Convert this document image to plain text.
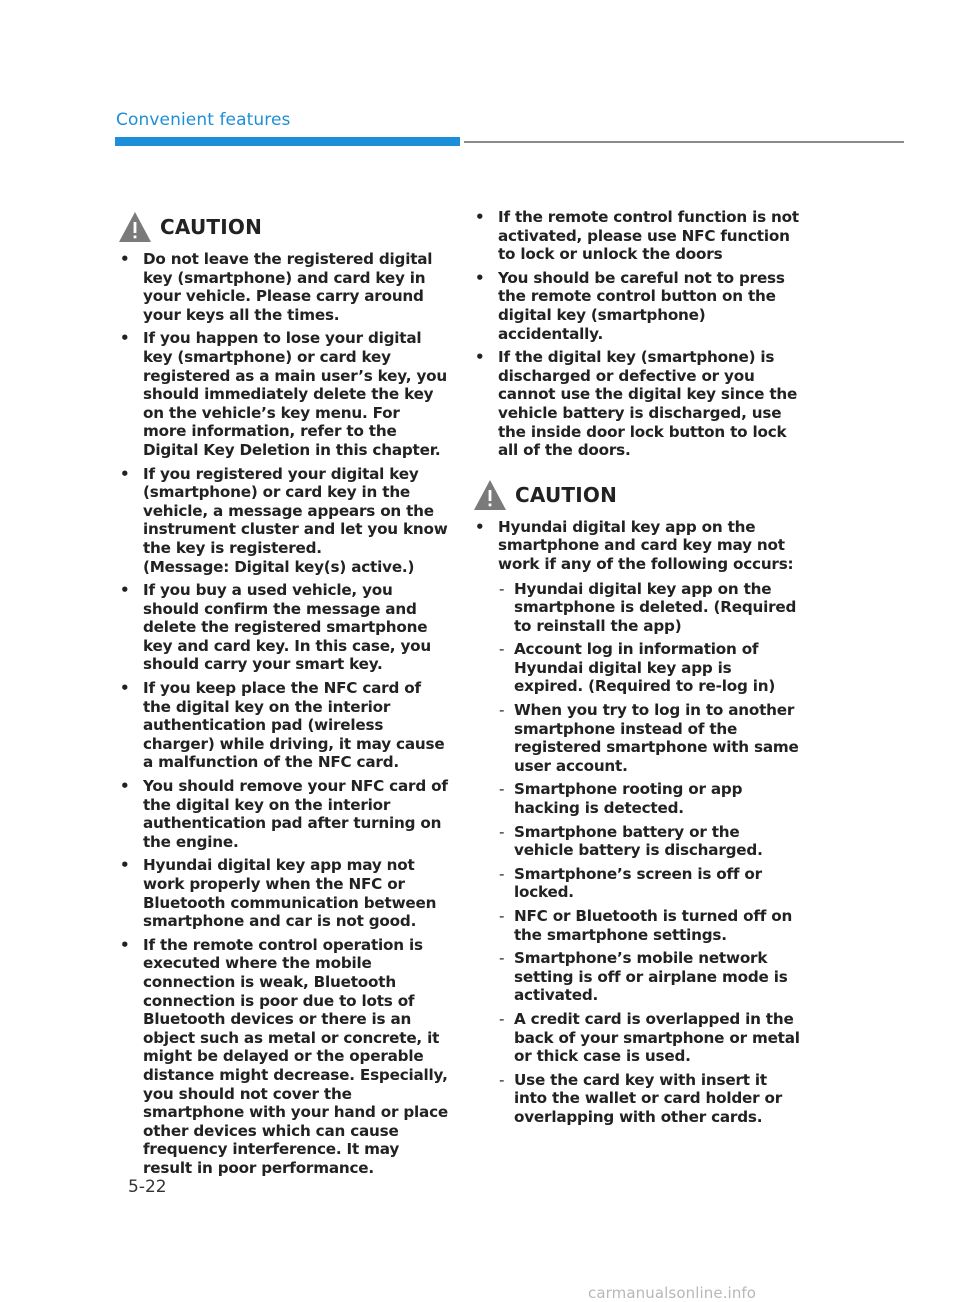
Convenient features
CAUTION
• Do not leave the registered digital key (smartphone) and card key in your vehicle. Please carry around your keys all the times.
• If you happen to lose your digital key (smartphone) or card key registered as a main user’s key, you should immediately delete the key on the vehicle’s key menu. For more information, refer to the Digital Key Deletion in this chapter.
• If you registered your digital key (smartphone) or card key in the vehicle, a message appears on the instrument cluster and let you know the key is registered.
(Message: Digital key(s) active.)
• If you buy a used vehicle, you should confirm the message and delete the registered smartphone key and card key. In this case, you should carry your smart key.
• If you keep place the NFC card of the digital key on the interior authentication pad (wireless charger) while driving, it may cause a malfunction of the NFC card.
• You should remove your NFC card of the digital key on the interior authentication pad after turning on the engine.
• Hyundai digital key app may not work properly when the NFC or Bluetooth communication between smartphone and car is not good.
• If the remote control operation is executed where the mobile connection is weak, Bluetooth connection is poor due to lots of Bluetooth devices or there is an object such as metal or concrete, it might be delayed or the operable distance might decrease. Especially, you should not cover the smartphone with your hand or place other devices which can cause frequency interference. It may result in poor performance.
• If the remote control function is not activated, please use NFC function to lock or unlock the doors
• You should be careful not to press the remote control button on the digital key (smartphone) accidentally.
• If the digital key (smartphone) is discharged or defective or you cannot use the digital key since the vehicle battery is discharged, use the inside door lock button to lock all of the doors.
CAUTION
• Hyundai digital key app on the smartphone and card key may not work if any of the following occurs:
- Hyundai digital key app on the smartphone is deleted. (Required to reinstall the app)
- Account log in information of Hyundai digital key app is expired. (Required to re-log in)
- When you try to log in to another smartphone instead of the registered smartphone with same user account.
- Smartphone rooting or app hacking is detected.
- Smartphone battery or the vehicle battery is discharged.
- Smartphone’s screen is off or locked.
- NFC or Bluetooth is turned off on the smartphone settings.
- Smartphone’s mobile network setting is off or airplane mode is activated.
- A credit card is overlapped in the back of your smartphone or metal or thick case is used.
- Use the card key with insert it into the wallet or card holder or overlapping with other cards.
5-22
carmanualsonline.info
